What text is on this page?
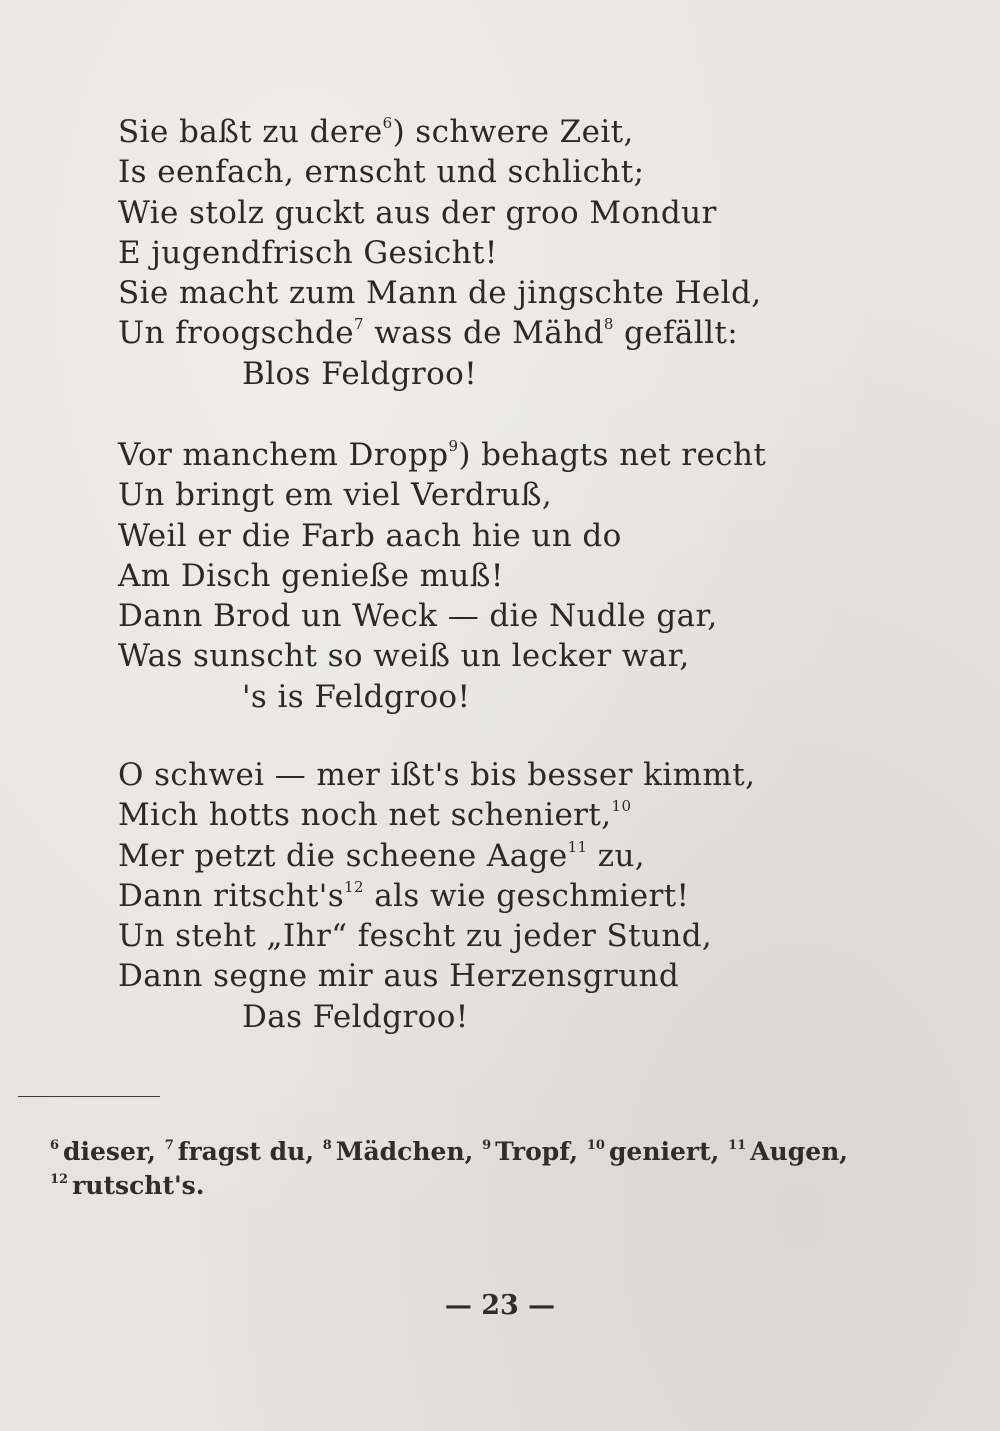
Sie baßt zu dere$^6$) schwere Zeit,
Is eenfach, ernscht und schlicht;
Wie stolz guckt aus der groo Mondur
E jugendfrisch Gesicht!
Sie macht zum Mann de jingschte Held,
Un froogschde$^7$ wass de Mähd$^8$ gefällt:
Blos Feldgroo!
Vor manchem Dropp$^9$) behagts net recht
Un bringt em viel Verdruß,
Weil er die Farb aach hie un do
Am Disch genieße muß!
Dann Brod un Weck — die Nudle gar,
Was sunscht so weiß un lecker war,
's is Feldgroo!
O schwei — mer ißt's bis besser kimmt,
Mich hotts noch net scheniert,$^{10}$
Mer petzt die scheene Aage$^{11}$ zu,
Dann $ritscht's^{12}$ als wie geschmiert!
Un steht „Ihr“ fescht zu jeder Stund,
Dann segne mir aus Herzensgrund
Das Feldgroo!
$^6$ dieser, $^7$ fragst du, $^8$ Mädchen, $^9$ Tropf, $^{10}$ geniert, $^{11}$ Augen,
$^{12}$ rutscht's.
— 23 —
